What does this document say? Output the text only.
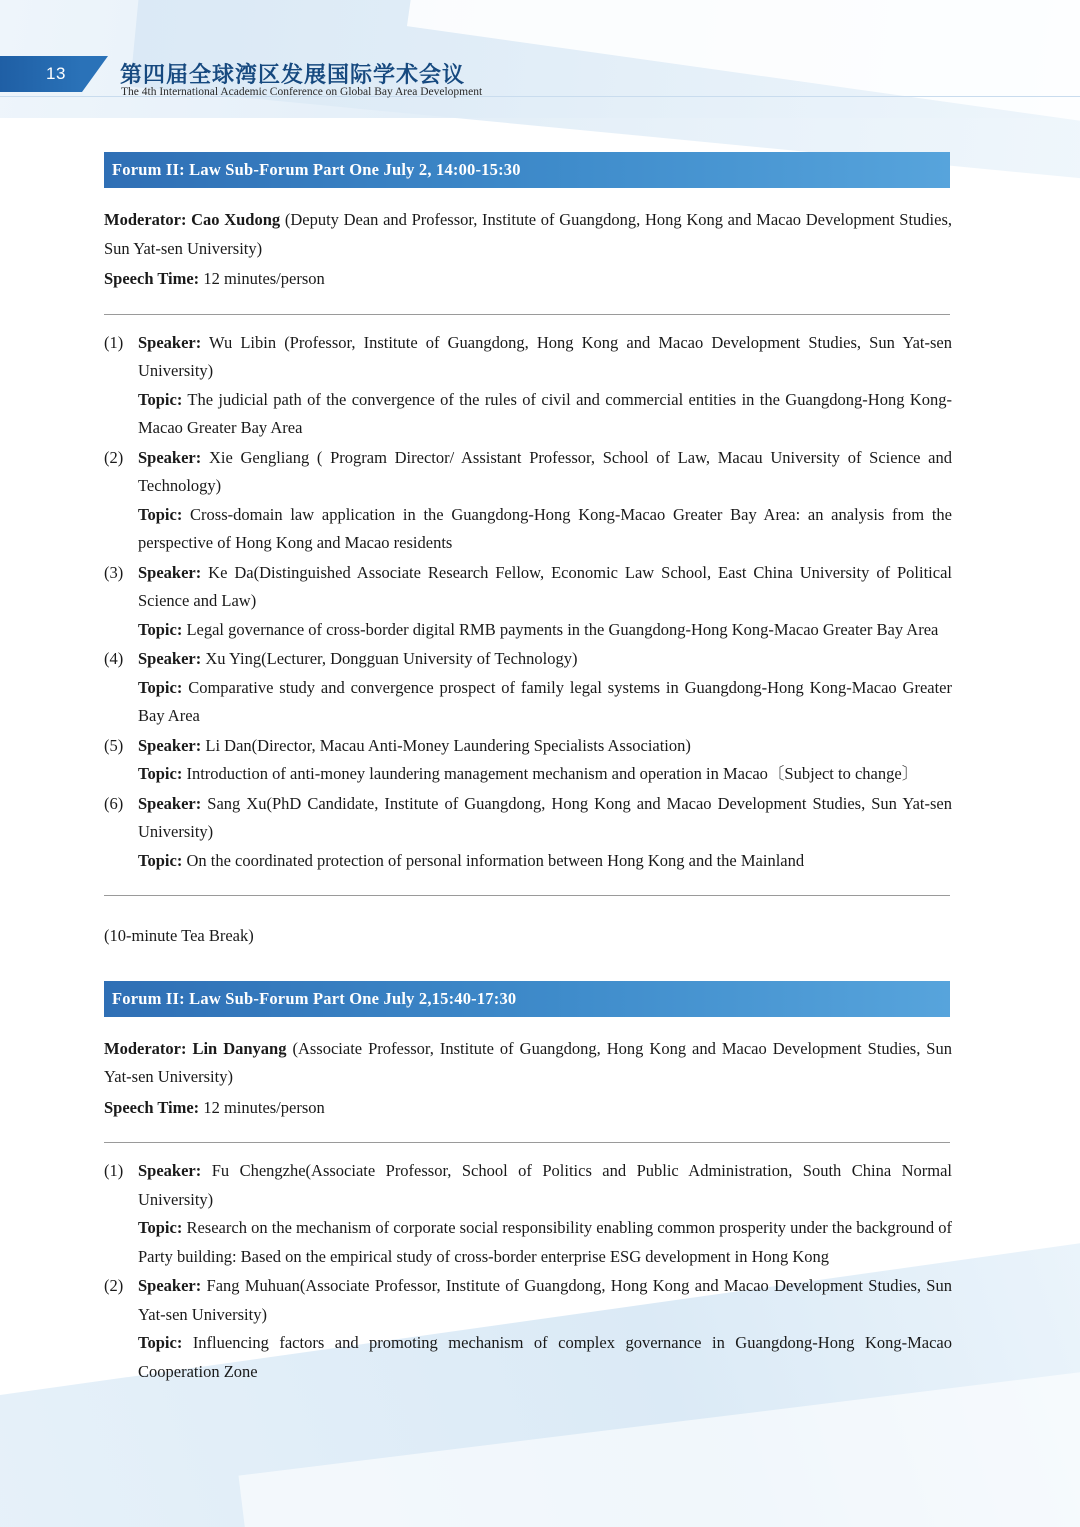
13 第四届全球湾区发展国际学术会议
The 4th International Academic Conference on Global Bay Area Development
Forum II: Law Sub-Forum Part One July 2, 14:00-15:30

Moderator: Cao Xudong (Deputy Dean and Professor, Institute of Guangdong, Hong Kong and Macao Development Studies, Sun Yat-sen University)

Speech Time: 12 minutes/person

(1) Speaker: Wu Libin (Professor, Institute of Guangdong, Hong Kong and Macao Development Studies, Sun Yat-sen University)
Topic: The judicial path of the convergence of the rules of civil and commercial entities in the Guangdong-Hong Kong-Macao Greater Bay Area
(2) Speaker: Xie Gengliang ( Program Director/ Assistant Professor, School of Law, Macau University of Science and Technology)
Topic: Cross-domain law application in the Guangdong-Hong Kong-Macao Greater Bay Area: an analysis from the perspective of Hong Kong and Macao residents
(3) Speaker: Ke Da(Distinguished Associate Research Fellow, Economic Law School, East China University of Political Science and Law)
Topic: Legal governance of cross-border digital RMB payments in the Guangdong-Hong Kong-Macao Greater Bay Area
(4) Speaker: Xu Ying(Lecturer, Dongguan University of Technology)
Topic: Comparative study and convergence prospect of family legal systems in Guangdong-Hong Kong-Macao Greater Bay Area
(5) Speaker: Li Dan(Director, Macau Anti-Money Laundering Specialists Association)
Topic: Introduction of anti-money laundering management mechanism and operation in Macao〔Subject to change〕
(6) Speaker: Sang Xu(PhD Candidate, Institute of Guangdong, Hong Kong and Macao Development Studies, Sun Yat-sen University)
Topic: On the coordinated protection of personal information between Hong Kong and the Mainland
(10-minute Tea Break)
Forum II: Law Sub-Forum Part One July 2,15:40-17:30

Moderator: Lin Danyang (Associate Professor, Institute of Guangdong, Hong Kong and Macao Development Studies, Sun Yat-sen University)

Speech Time: 12 minutes/person

(1) Speaker: Fu Chengzhe(Associate Professor, School of Politics and Public Administration, South China Normal University)
Topic: Research on the mechanism of corporate social responsibility enabling common prosperity under the background of Party building: Based on the empirical study of cross-border enterprise ESG development in Hong Kong
(2) Speaker: Fang Muhuan(Associate Professor, Institute of Guangdong, Hong Kong and Macao Development Studies, Sun Yat-sen University)
Topic: Influencing factors and promoting mechanism of complex governance in Guangdong-Hong Kong-Macao Cooperation Zone
